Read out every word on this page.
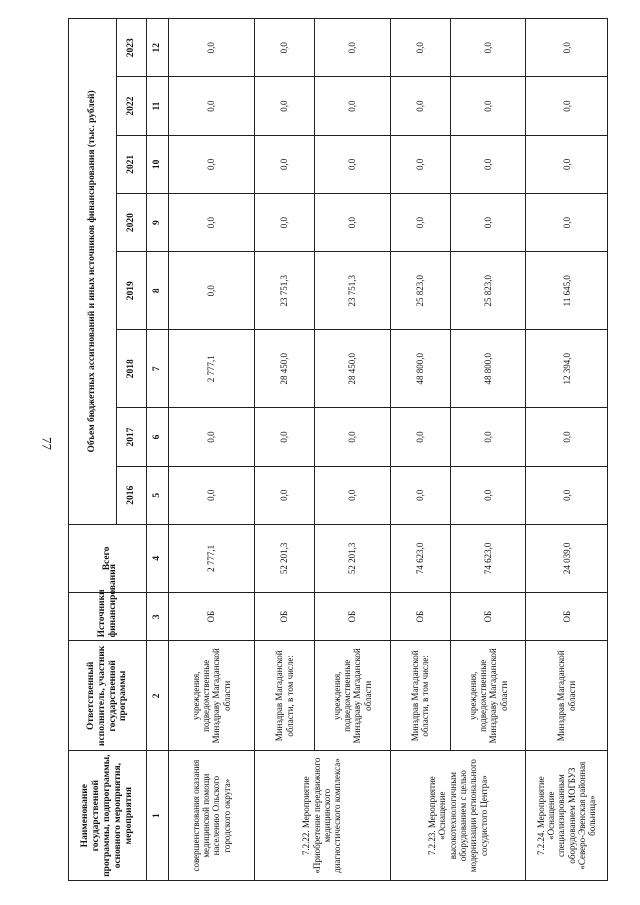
77
Наименование государственной программы, подпрограммы, основного мероприятия, мероприятия	Ответственный исполнитель, участник государственной программы	Источники финансирования	Всего	Объем бюджетных ассигнований и иных источников финансирования (тыс. рублей)							
				2016	2017	2018	2019	2020	2021	2022	2023
1	2	3	4	5	6	7	8	9	10	11	12
совершенствования оказания медицинской помощи населению Ольского городского округа»	учреждения, подведомственные Минздраву Магаданской области	ОБ	2 777,1	0,0	0,0	2 777,1	0,0	0,0	0,0	0,0	0,0
7.2.22. Мероприятие «Приобретение передвижного медицинского диагностического комплекса»	Минздрав Магаданской области, в том числе:	ОБ	52 201,3	0,0	0,0	28 450,0	23 751,3	0,0	0,0	0,0	0,0
	учреждения, подведомственные Минздраву Магаданской области	ОБ	52 201,3	0,0	0,0	28 450,0	23 751,3	0,0	0,0	0,0	0,0
7.2.23. Мероприятие «Оснащение высокотехнологичным оборудованием с целью модернизации регионального сосудистого Центра»	Минздрав Магаданской области, в том числе:	ОБ	74 623,0	0,0	0,0	48 800,0	25 823,0	0,0	0,0	0,0	0,0
	учреждения, подведомственные Минздраву Магаданской области	ОБ	74 623,0	0,0	0,0	48 800,0	25 823,0	0,0	0,0	0,0	0,0
7.2.24. Мероприятие «Оснащение специализированным оборудованием МОГБУЗ «Северо-Эвенская районная больница»	Минздрав Магаданской области	ОБ	24 039,0	0,0	0,0	12 394,0	11 645,0	0,0	0,0	0,0	0,0
